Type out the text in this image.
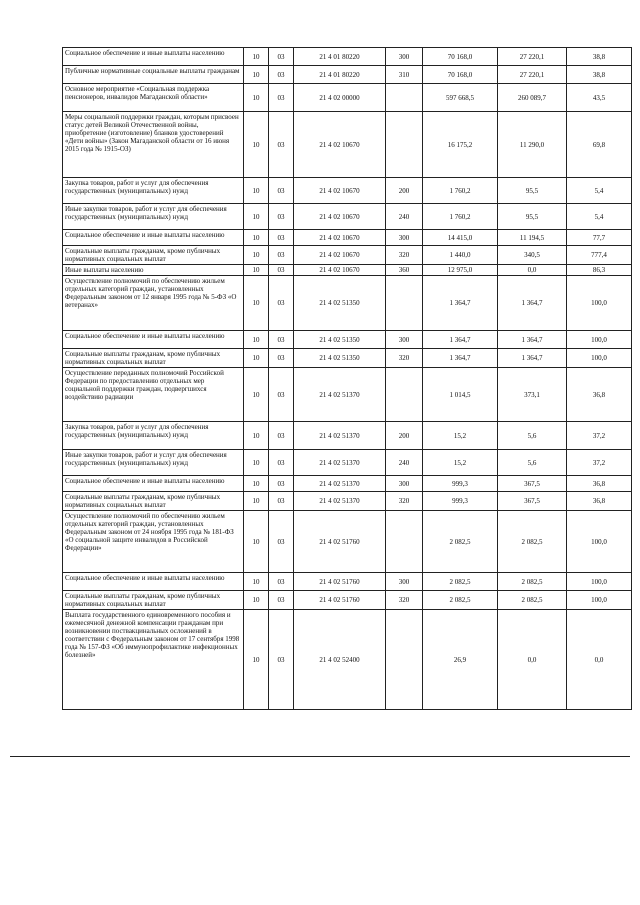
Социальное обеспечение и иные выплаты населению	10	03	21 4 01 80220	300	70 168,0	27 220,1	38,8
Публичные нормативные социальные выплаты гражданам	10	03	21 4 01 80220	310	70 168,0	27 220,1	38,8
Основное мероприятие «Социальная поддержка пенсионеров, инвалидов Магаданской области»	10	03	21 4 02 00000		597 668,5	260 089,7	43,5
Меры социальной поддержки граждан, которым присвоен статус детей Великой Отечественной войны, приобретение (изготовление) бланков удостоверений «Дети войны» (Закон Магаданской области от 16 июня 2015 года № 1915-ОЗ)	10	03	21 4 02 10670		16 175,2	11 290,0	69,8
Закупка товаров, работ и услуг для обеспечения государственных (муниципальных) нужд	10	03	21 4 02 10670	200	1 760,2	95,5	5,4
Иные закупки товаров, работ и услуг для обеспечения государственных (муниципальных) нужд	10	03	21 4 02 10670	240	1 760,2	95,5	5,4
Социальное обеспечение и иные выплаты населению	10	03	21 4 02 10670	300	14 415,0	11 194,5	77,7
Социальные выплаты гражданам, кроме публичных нормативных социальных выплат	10	03	21 4 02 10670	320	1 440,0	340,5	777,4
Иные выплаты населению	10	03	21 4 02 10670	360	12 975,0	0,0	86,3
Осуществление полномочий по обеспечению жильем отдельных категорий граждан, установленных Федеральным законом от 12 января 1995 года № 5-ФЗ «О ветеранах»	10	03	21 4 02 51350		1 364,7	1 364,7	100,0
Социальное обеспечение и иные выплаты населению	10	03	21 4 02 51350	300	1 364,7	1 364,7	100,0
Социальные выплаты гражданам, кроме публичных нормативных социальных выплат	10	03	21 4 02 51350	320	1 364,7	1 364,7	100,0
Осуществление переданных полномочий Российской Федерации по предоставлению отдельных мер социальной поддержки граждан, подвергшихся воздействию радиации	10	03	21 4 02 51370		1 014,5	373,1	36,8
Закупка товаров, работ и услуг для обеспечения государственных (муниципальных) нужд	10	03	21 4 02 51370	200	15,2	5,6	37,2
Иные закупки товаров, работ и услуг для обеспечения государственных (муниципальных) нужд	10	03	21 4 02 51370	240	15,2	5,6	37,2
Социальное обеспечение и иные выплаты населению	10	03	21 4 02 51370	300	999,3	367,5	36,8
Социальные выплаты гражданам, кроме публичных нормативных социальных выплат	10	03	21 4 02 51370	320	999,3	367,5	36,8
Осуществление полномочий по обеспечению жильем отдельных категорий граждан, установленных Федеральным законом от 24 ноября 1995 года № 181-ФЗ «О социальной защите инвалидов в Российской Федерации»	10	03	21 4 02 51760		2 082,5	2 082,5	100,0
Социальное обеспечение и иные выплаты населению	10	03	21 4 02 51760	300	2 082,5	2 082,5	100,0
Социальные выплаты гражданам, кроме публичных нормативных социальных выплат	10	03	21 4 02 51760	320	2 082,5	2 082,5	100,0
Выплата государственного единовременного пособия и ежемесячной денежной компенсации гражданам при возникновении поствакцинальных осложнений в соответствии с Федеральным законом от 17 сентября 1998 года № 157-ФЗ «Об иммунопрофилактике инфекционных болезней»	10	03	21 4 02 52400		26,9	0,0	0,0
